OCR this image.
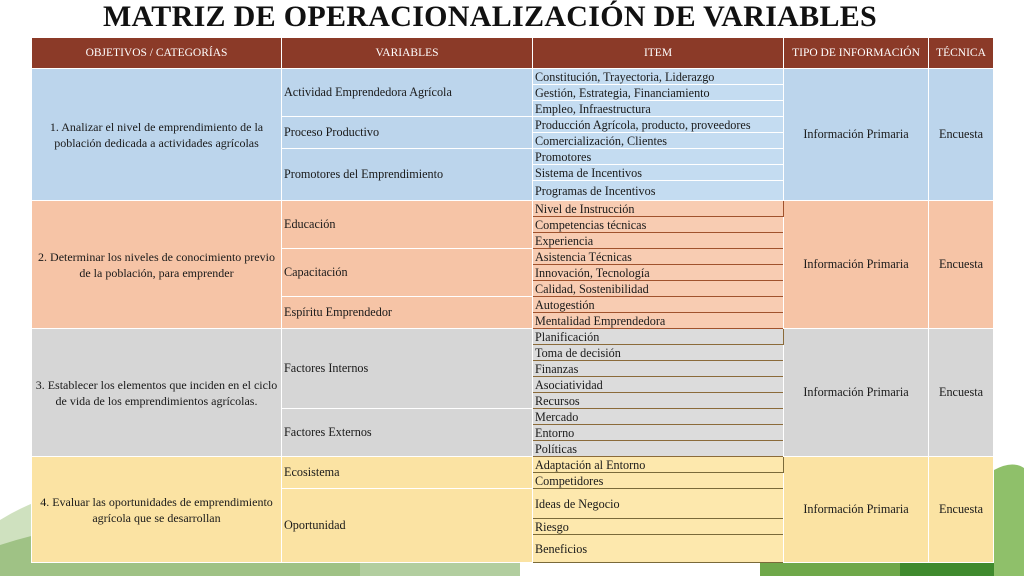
MATRIZ DE OPERACIONALIZACIÓN DE VARIABLES
OBJETIVOS / CATEGORÍAS	VARIABLES	ITEM	TIPO DE INFORMACIÓN	TÉCNICA
1. Analizar el nivel de emprendimiento de la población dedicada a actividades agrícolas	Actividad Emprendedora Agrícola	Constitución, Trayectoria, Liderazgo	Información Primaria	Encuesta
		Gestión, Estrategia, Financiamiento		
		Empleo, Infraestructura		
	Proceso Productivo	Producción Agrícola, producto, proveedores		
		Comercialización, Clientes		
	Promotores del Emprendimiento	Promotores		
		Sistema de Incentivos		
		Programas de Incentivos		
2. Determinar los niveles de conocimiento previo de la población, para emprender	Educación	Nivel de Instrucción	Información Primaria	Encuesta
		Competencias técnicas		
		Experiencia		
	Capacitación	Asistencia Técnicas		
		Innovación, Tecnología		
		Calidad, Sostenibilidad		
	Espíritu Emprendedor	Autogestión		
		Mentalidad Emprendedora		
3. Establecer los elementos que inciden en el ciclo de vida de los emprendimientos agrícolas.	Factores Internos	Planificación	Información Primaria	Encuesta
		Toma de decisión		
		Finanzas		
		Asociatividad		
		Recursos		
	Factores Externos	Mercado		
		Entorno		
		Políticas		
4. Evaluar las oportunidades de emprendimiento agrícola que se desarrollan	Ecosistema	Adaptación al Entorno	Información Primaria	Encuesta
		Competidores		
	Oportunidad	Ideas de Negocio		
		Riesgo		
		Beneficios		
